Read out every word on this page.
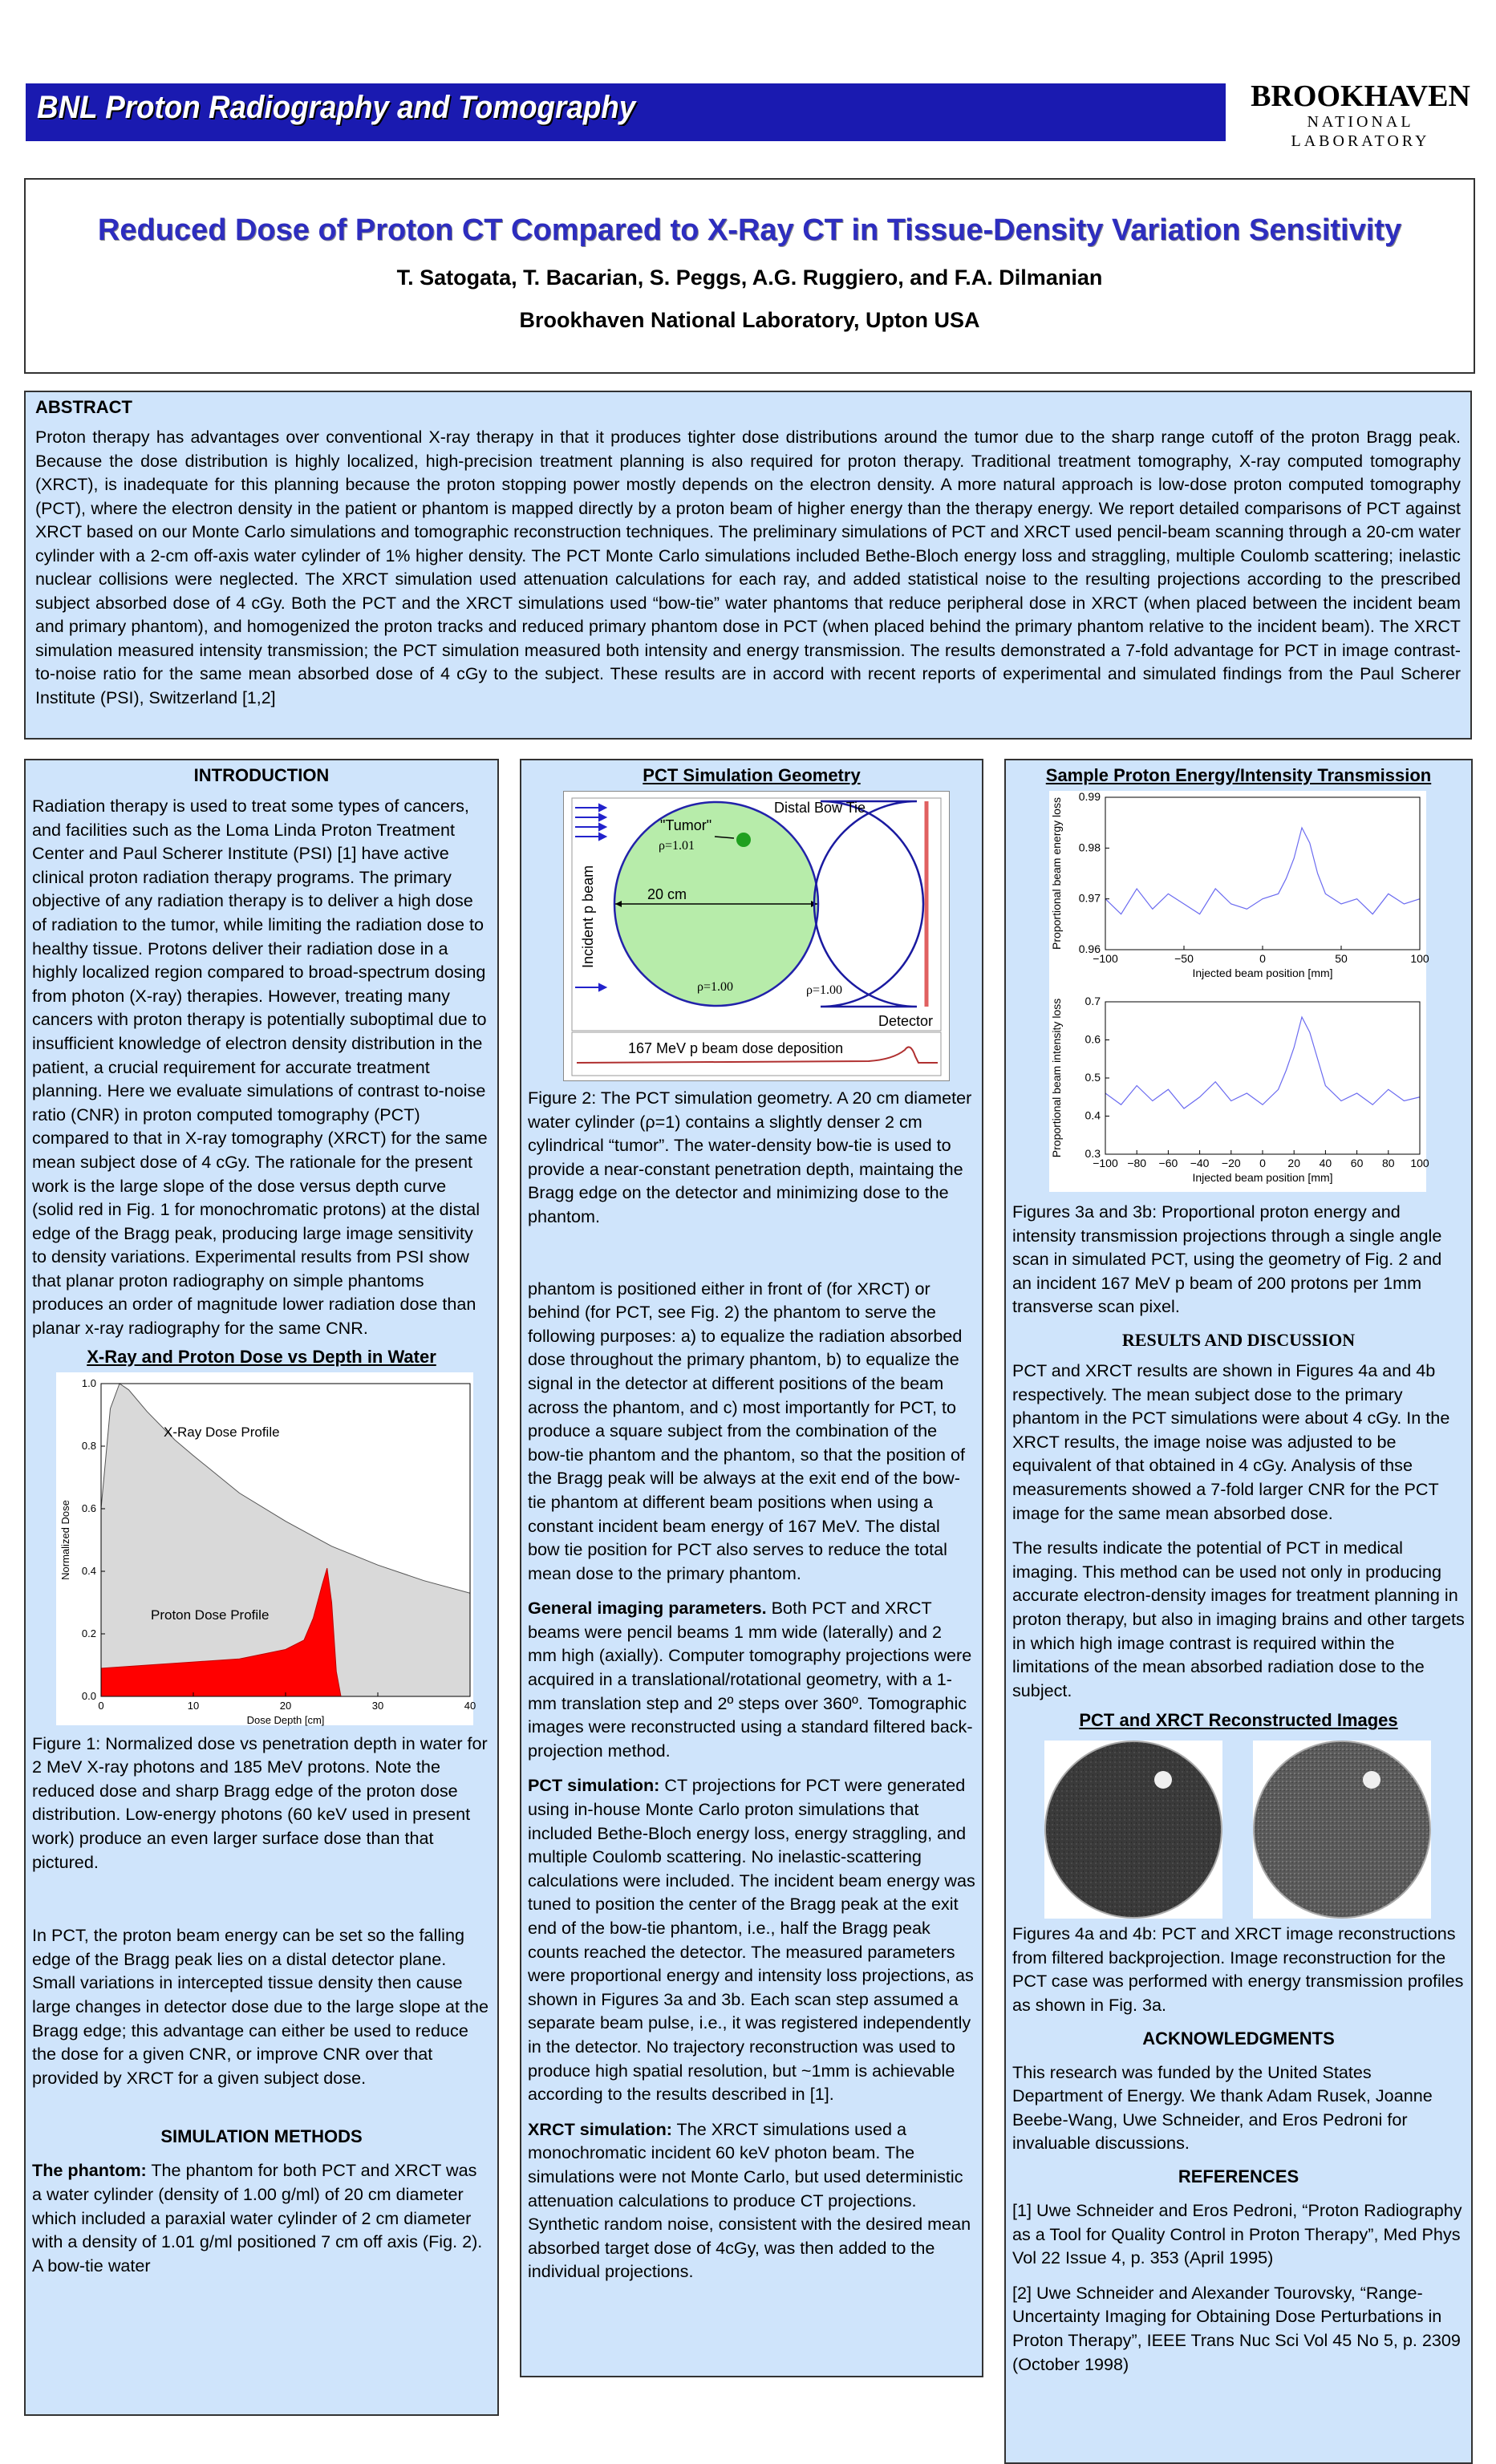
BNL Proton Radiography and Tomography	BROOKHAVEN
NATIONAL LABORATORY
Reduced Dose of Proton CT Compared to X-Ray CT in Tissue-Density Variation Sensitivity
T. Satogata, T. Bacarian, S. Peggs, A.G. Ruggiero, and F.A. Dilmanian
Brookhaven National Laboratory, Upton USA
ABSTRACT

Proton therapy has advantages over conventional X-ray therapy in that it produces tighter dose distributions around the tumor due to the sharp range cutoff of the proton Bragg peak. Because the dose distribution is highly localized, high-precision treatment planning is also required for proton therapy. Traditional treatment tomography, X-ray computed tomography (XRCT), is inadequate for this planning because the proton stopping power mostly depends on the electron density. A more natural approach is low-dose proton computed tomography (PCT), where the electron density in the patient or phantom is mapped directly by a proton beam of higher energy than the therapy energy. We report detailed comparisons of PCT against XRCT based on our Monte Carlo simulations and tomographic reconstruction techniques. The preliminary simulations of PCT and XRCT used pencil-beam scanning through a 20-cm water cylinder with a 2-cm off-axis water cylinder of 1% higher density. The PCT Monte Carlo simulations included Bethe-Bloch energy loss and straggling, multiple Coulomb scattering; inelastic nuclear collisions were neglected. The XRCT simulation used attenuation calculations for each ray, and added statistical noise to the resulting projections according to the prescribed subject absorbed dose of 4 cGy. Both the PCT and the XRCT simulations used “bow-tie” water phantoms that reduce peripheral dose in XRCT (when placed between the incident beam and primary phantom), and homogenized the proton tracks and reduced primary phantom dose in PCT (when placed behind the primary phantom relative to the incident beam). The XRCT simulation measured intensity transmission; the PCT simulation measured both intensity and energy transmission. The results demonstrated a 7-fold advantage for PCT in image contrast-to-noise ratio for the same mean absorbed dose of 4 cGy to the subject. These results are in accord with recent reports of experimental and simulated findings from the Paul Scherer Institute (PSI), Switzerland [1,2]

INTRODUCTION

Radiation therapy is used to treat some types of cancers, and facilities such as the Loma Linda Proton Treatment Center and Paul Scherer Institute (PSI) [1] have active clinical proton radiation therapy programs. The primary objective of any radiation therapy is to deliver a high dose of radiation to the tumor, while limiting the radiation dose to healthy tissue. Protons deliver their radiation dose in a highly localized region compared to broad-spectrum dosing from photon (X-ray) therapies. However, treating many cancers with proton therapy is potentially suboptimal due to insufficient knowledge of electron density distribution in the patient, a crucial requirement for accurate treatment planning. Here we evaluate simulations of contrast to-noise ratio (CNR) in proton computed tomography (PCT) compared to that in X-ray tomography (XRCT) for the same mean subject dose of 4 cGy. The rationale for the present work is the large slope of the dose versus depth curve (solid red in Fig. 1 for monochromatic protons) at the distal edge of the Bragg peak, producing large image sensitivity to density variations. Experimental results from PSI show that planar proton radiography on simple phantoms produces an order of magnitude lower radiation dose than planar x-ray radiography for the same CNR.

X-Ray and Proton Dose vs Depth in Water
0	10	20	30	40
0.0
0.2
0.4
0.6
0.8
1.0
Dose Depth [cm]
Normalized Dose
X-Ray Dose Profile
Proton Dose Profile

Figure 1: Normalized dose vs penetration depth in water for 2 MeV X-ray photons and 185 MeV protons. Note the reduced dose and sharp Bragg edge of the proton dose distribution. Low-energy photons (60 keV used in present work) produce an even larger surface dose than that pictured.

In PCT, the proton beam energy can be set so the falling edge of the Bragg peak lies on a distal detector plane. Small variations in intercepted tissue density then cause large changes in detector dose due to the large slope at the Bragg edge; this advantage can either be used to reduce the dose for a given CNR, or improve CNR over that provided by XRCT for a given subject dose.

SIMULATION METHODS

The phantom: The phantom for both PCT and XRCT was a water cylinder (density of 1.00 g/ml) of 20 cm diameter which included a paraxial water cylinder of 2 cm diameter with a density of 1.01 g/ml positioned 7 cm off axis (Fig. 2). A bow-tie water

PCT Simulation Geometry
Incident p beam
"Tumor"
ρ=1.01
20 cm
ρ=1.00
Distal Bow Tie
ρ=1.00
Detector
167 MeV p beam dose deposition

Figure 2: The PCT simulation geometry. A 20 cm diameter water cylinder (ρ=1) contains a slightly denser 2 cm cylindrical “tumor”. The water-density bow-tie is used to provide a near-constant penetration depth, maintaing the Bragg edge on the detector and minimizing dose to the phantom.

phantom is positioned either in front of (for XRCT) or behind (for PCT, see Fig. 2) the phantom to serve the following purposes: a) to equalize the radiation absorbed dose throughout the primary phantom, b) to equalize the signal in the detector at different positions of the beam across the phantom, and c) most importantly for PCT, to produce a square subject from the combination of the bow-tie phantom and the phantom, so that the position of the Bragg peak will be always at the exit end of the bow-tie phantom at different beam positions when using a constant incident beam energy of 167 MeV. The distal bow tie position for PCT also serves to reduce the total mean dose to the primary phantom.

General imaging parameters. Both PCT and XRCT beams were pencil beams 1 mm wide (laterally) and 2 mm high (axially). Computer tomography projections were acquired in a translational/rotational geometry, with a 1-mm translation step and 2º steps over 360º. Tomographic images were reconstructed using a standard filtered back-projection method.

PCT simulation: CT projections for PCT were generated using in-house Monte Carlo proton simulations that included Bethe-Bloch energy loss, energy straggling, and multiple Coulomb scattering. No inelastic-scattering calculations were included. The incident beam energy was tuned to position the center of the Bragg peak at the exit end of the bow-tie phantom, i.e., half the Bragg peak counts reached the detector. The measured parameters were proportional energy and intensity loss projections, as shown in Figures 3a and 3b. Each scan step assumed a separate beam pulse, i.e., it was registered independently in the detector. No trajectory reconstruction was used to produce high spatial resolution, but ~1mm is achievable according to the results described in [1].

XRCT simulation: The XRCT simulations used a monochromatic incident 60 keV photon beam. The simulations were not Monte Carlo, but used deterministic attenuation calculations to produce CT projections. Synthetic random noise, consistent with the desired mean absorbed target dose of 4cGy, was then added to the individual projections.

Sample Proton Energy/Intensity Transmission
−100	−50	0	50	100
0.96
0.97
0.98
0.99
Injected beam position [mm]
Proportional beam energy loss

−100 −80 −60 −40 −20 0 20 40 60 80 100
0.3
0.4
0.5
0.6
0.7
Injected beam position [mm]
Proportional beam intensity loss

Figures 3a and 3b: Proportional proton energy and intensity transmission projections through a single angle scan in simulated PCT, using the geometry of Fig. 2 and an incident 167 MeV p beam of 200 protons per 1mm transverse scan pixel.

RESULTS AND DISCUSSION

PCT and XRCT results are shown in Figures 4a and 4b respectively. The mean subject dose to the primary phantom in the PCT simulations were about 4 cGy. In the XRCT results, the image noise was adjusted to be equivalent of that obtained in 4 cGy. Analysis of thse measurements showed a 7-fold larger CNR for the PCT image for the same mean absorbed dose.

The results indicate the potential of PCT in medical imaging. This method can be used not only in producing accurate electron-density images for treatment planning in proton therapy, but also in imaging brains and other targets in which high image contrast is required within the limitations of the mean absorbed radiation dose to the subject.

PCT and XRCT Reconstructed Images

Figures 4a and 4b: PCT and XRCT image reconstructions from filtered backprojection. Image reconstruction for the PCT case was performed with energy transmission profiles as shown in Fig. 3a.

ACKNOWLEDGMENTS

This research was funded by the United States Department of Energy. We thank Adam Rusek, Joanne Beebe-Wang, Uwe Schneider, and Eros Pedroni for invaluable discussions.

REFERENCES

[1] Uwe Schneider and Eros Pedroni, “Proton Radiography as a Tool for Quality Control in Proton Therapy”, Med Phys Vol 22 Issue 4, p. 353 (April 1995)

[2] Uwe Schneider and Alexander Tourovsky, “Range-Uncertainty Imaging for Obtaining Dose Perturbations in Proton Therapy”, IEEE Trans Nuc Sci Vol 45 No 5, p. 2309 (October 1998)
